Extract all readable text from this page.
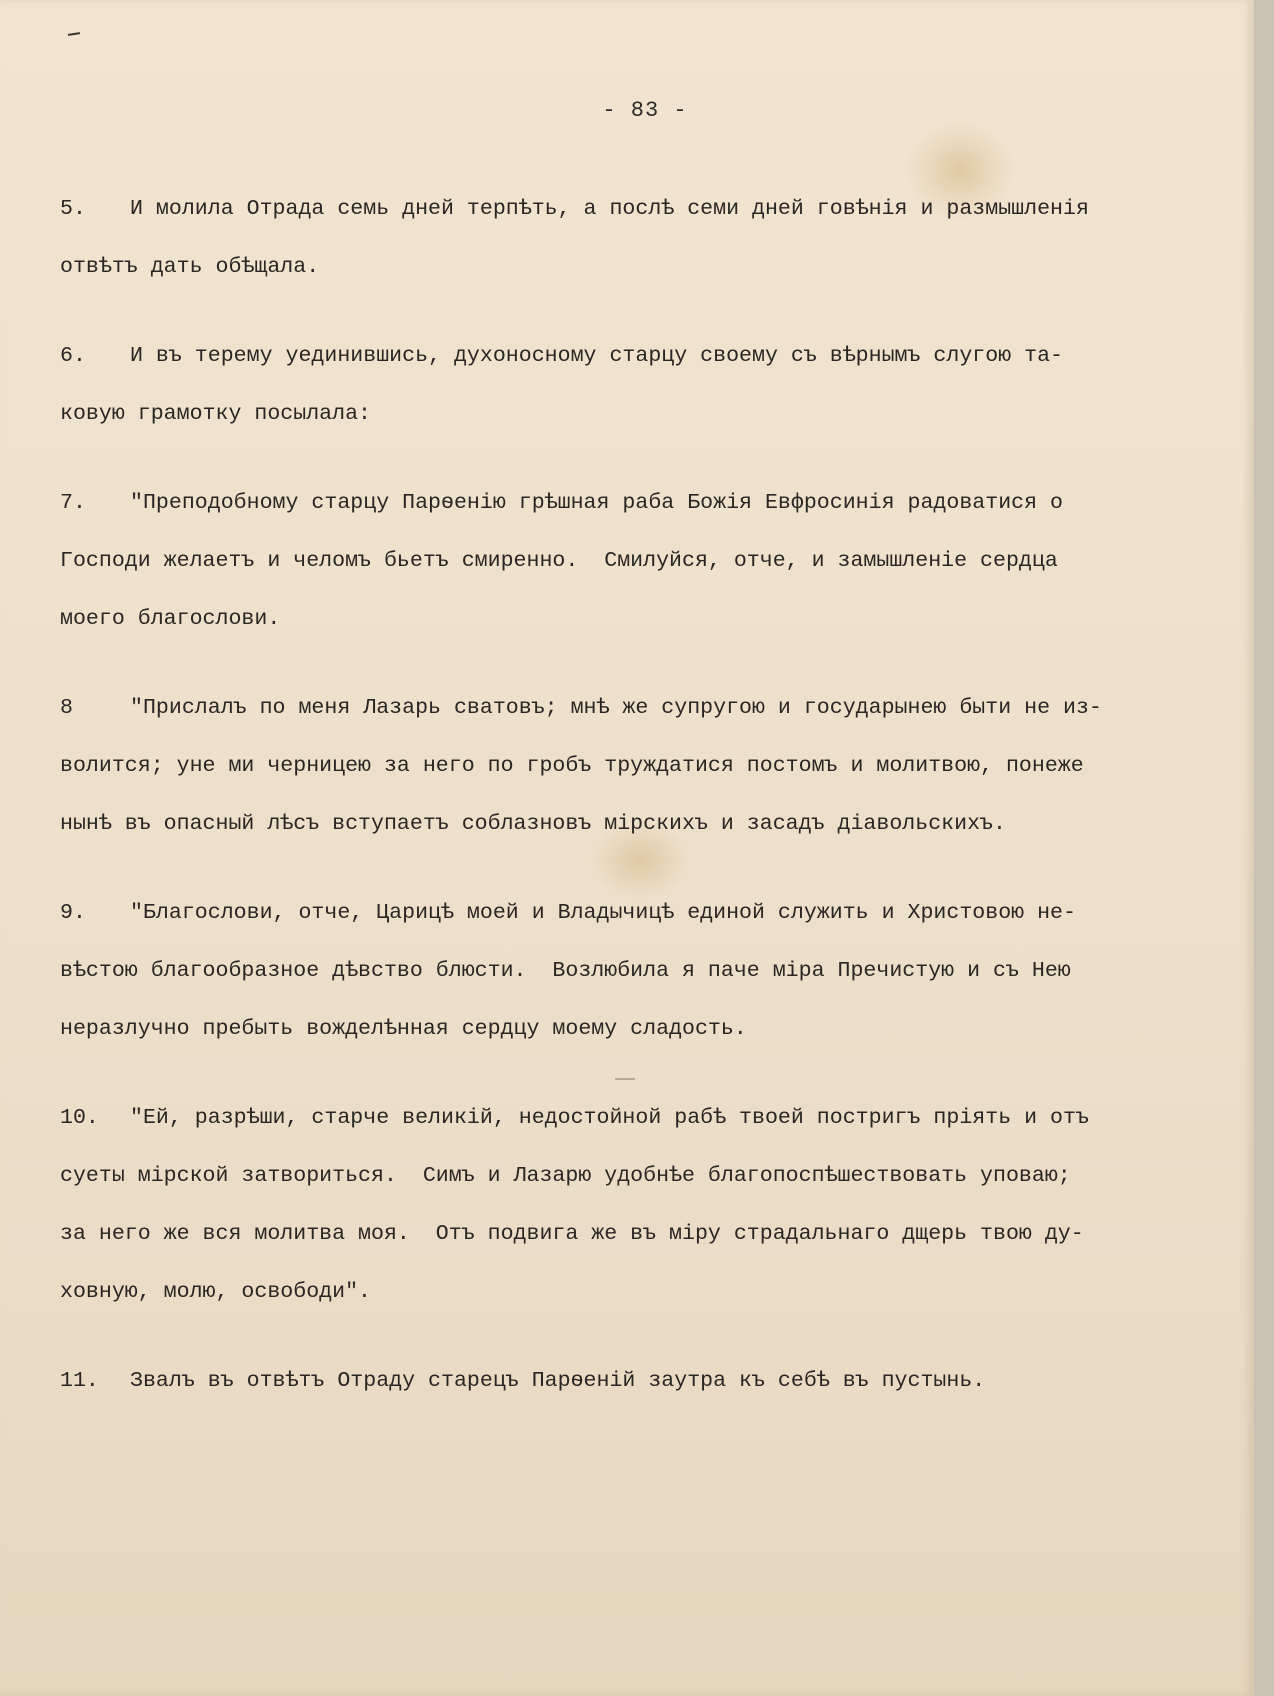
- 83 -
5. И молила Отрада семь дней терпѣть, а послѣ семи дней говѣнія и размышленія
отвѣтъ дать обѣщала.
6. И въ терему уединившись, духоносному старцу своему съ вѣрнымъ слугою та-
ковую грамотку посылала:
7. "Преподобному старцу Парѳенію грѣшная раба Божія Евфросинія радоватися о
Господи желаетъ и челомъ бьетъ смиренно.  Смилуйся, отче, и замышленіе сердца
моего благослови.
8	"Прислалъ по меня Лазарь сватовъ; мнѣ же супругою и государынею быти не из-
волится; уне ми черницею за него по гробъ труждатися постомъ и молитвою, понеже
нынѣ въ опасный лѣсъ вступаетъ соблазновъ мірскихъ и засадъ діавольскихъ.
9. "Благослови, отче, Царицѣ моей и Владычицѣ единой служить и Христовою не-
вѣстою благообразное дѣвство блюсти.  Возлюбила я паче міра Пречистую и съ Нею
неразлучно пребыть вожделѣнная сердцу моему сладость.
10. "Ей, разрѣши, старче великій, недостойной рабѣ твоей постригъ пріять и отъ
суеты мірской затвориться.  Симъ и Лазарю удобнѣе благопоспѣшествовать уповаю;
за него же вся молитва моя.  Отъ подвига же въ міру страдальнаго дщерь твою ду-
ховную, молю, освободи".
11. Звалъ въ отвѣтъ Отраду старецъ Парѳеній заутра къ себѣ въ пустынь.
